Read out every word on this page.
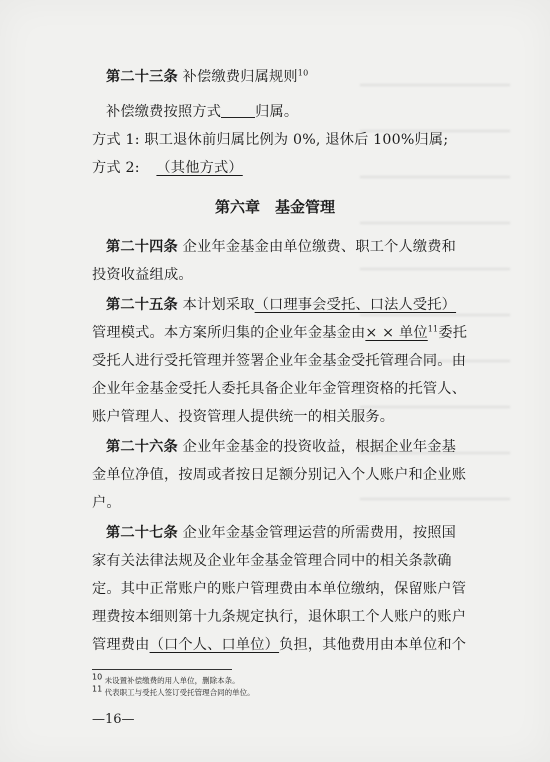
第二十三条 补偿缴费归属规则$^{10}$
补偿缴费按照方式 归属。
方式 1: 职工退休前归属比例为 0%, 退休后 100%归属;
方式 2: （其他方式）
第六章　基金管理
第二十四条 企业年金基金由单位缴费、职工个人缴费和
投资收益组成。
第二十五条 本计划采取（口理事会受托、口法人受托）
管理模式。本方案所归集的企业年金基金由× × 单位$^{11}$委托
受托人进行受托管理并签署企业年金基金受托管理合同。由
企业年金基金受托人委托具备企业年金管理资格的托管人、
账户管理人、投资管理人提供统一的相关服务。
第二十六条 企业年金基金的投资收益，根据企业年金基
金单位净值，按周或者按日足额分别记入个人账户和企业账
户。
第二十七条 企业年金基金管理运营的所需费用，按照国
家有关法律法规及企业年金基金管理合同中的相关条款确
定。其中正常账户的账户管理费由本单位缴纳，保留账户管
理费按本细则第十九条规定执行，退休职工个人账户的账户
管理费由（口个人、口单位）负担，其他费用由本单位和个
10 未设置补偿缴费的用人单位，删除本条。
11 代表职工与受托人签订受托管理合同的单位。
—16—
